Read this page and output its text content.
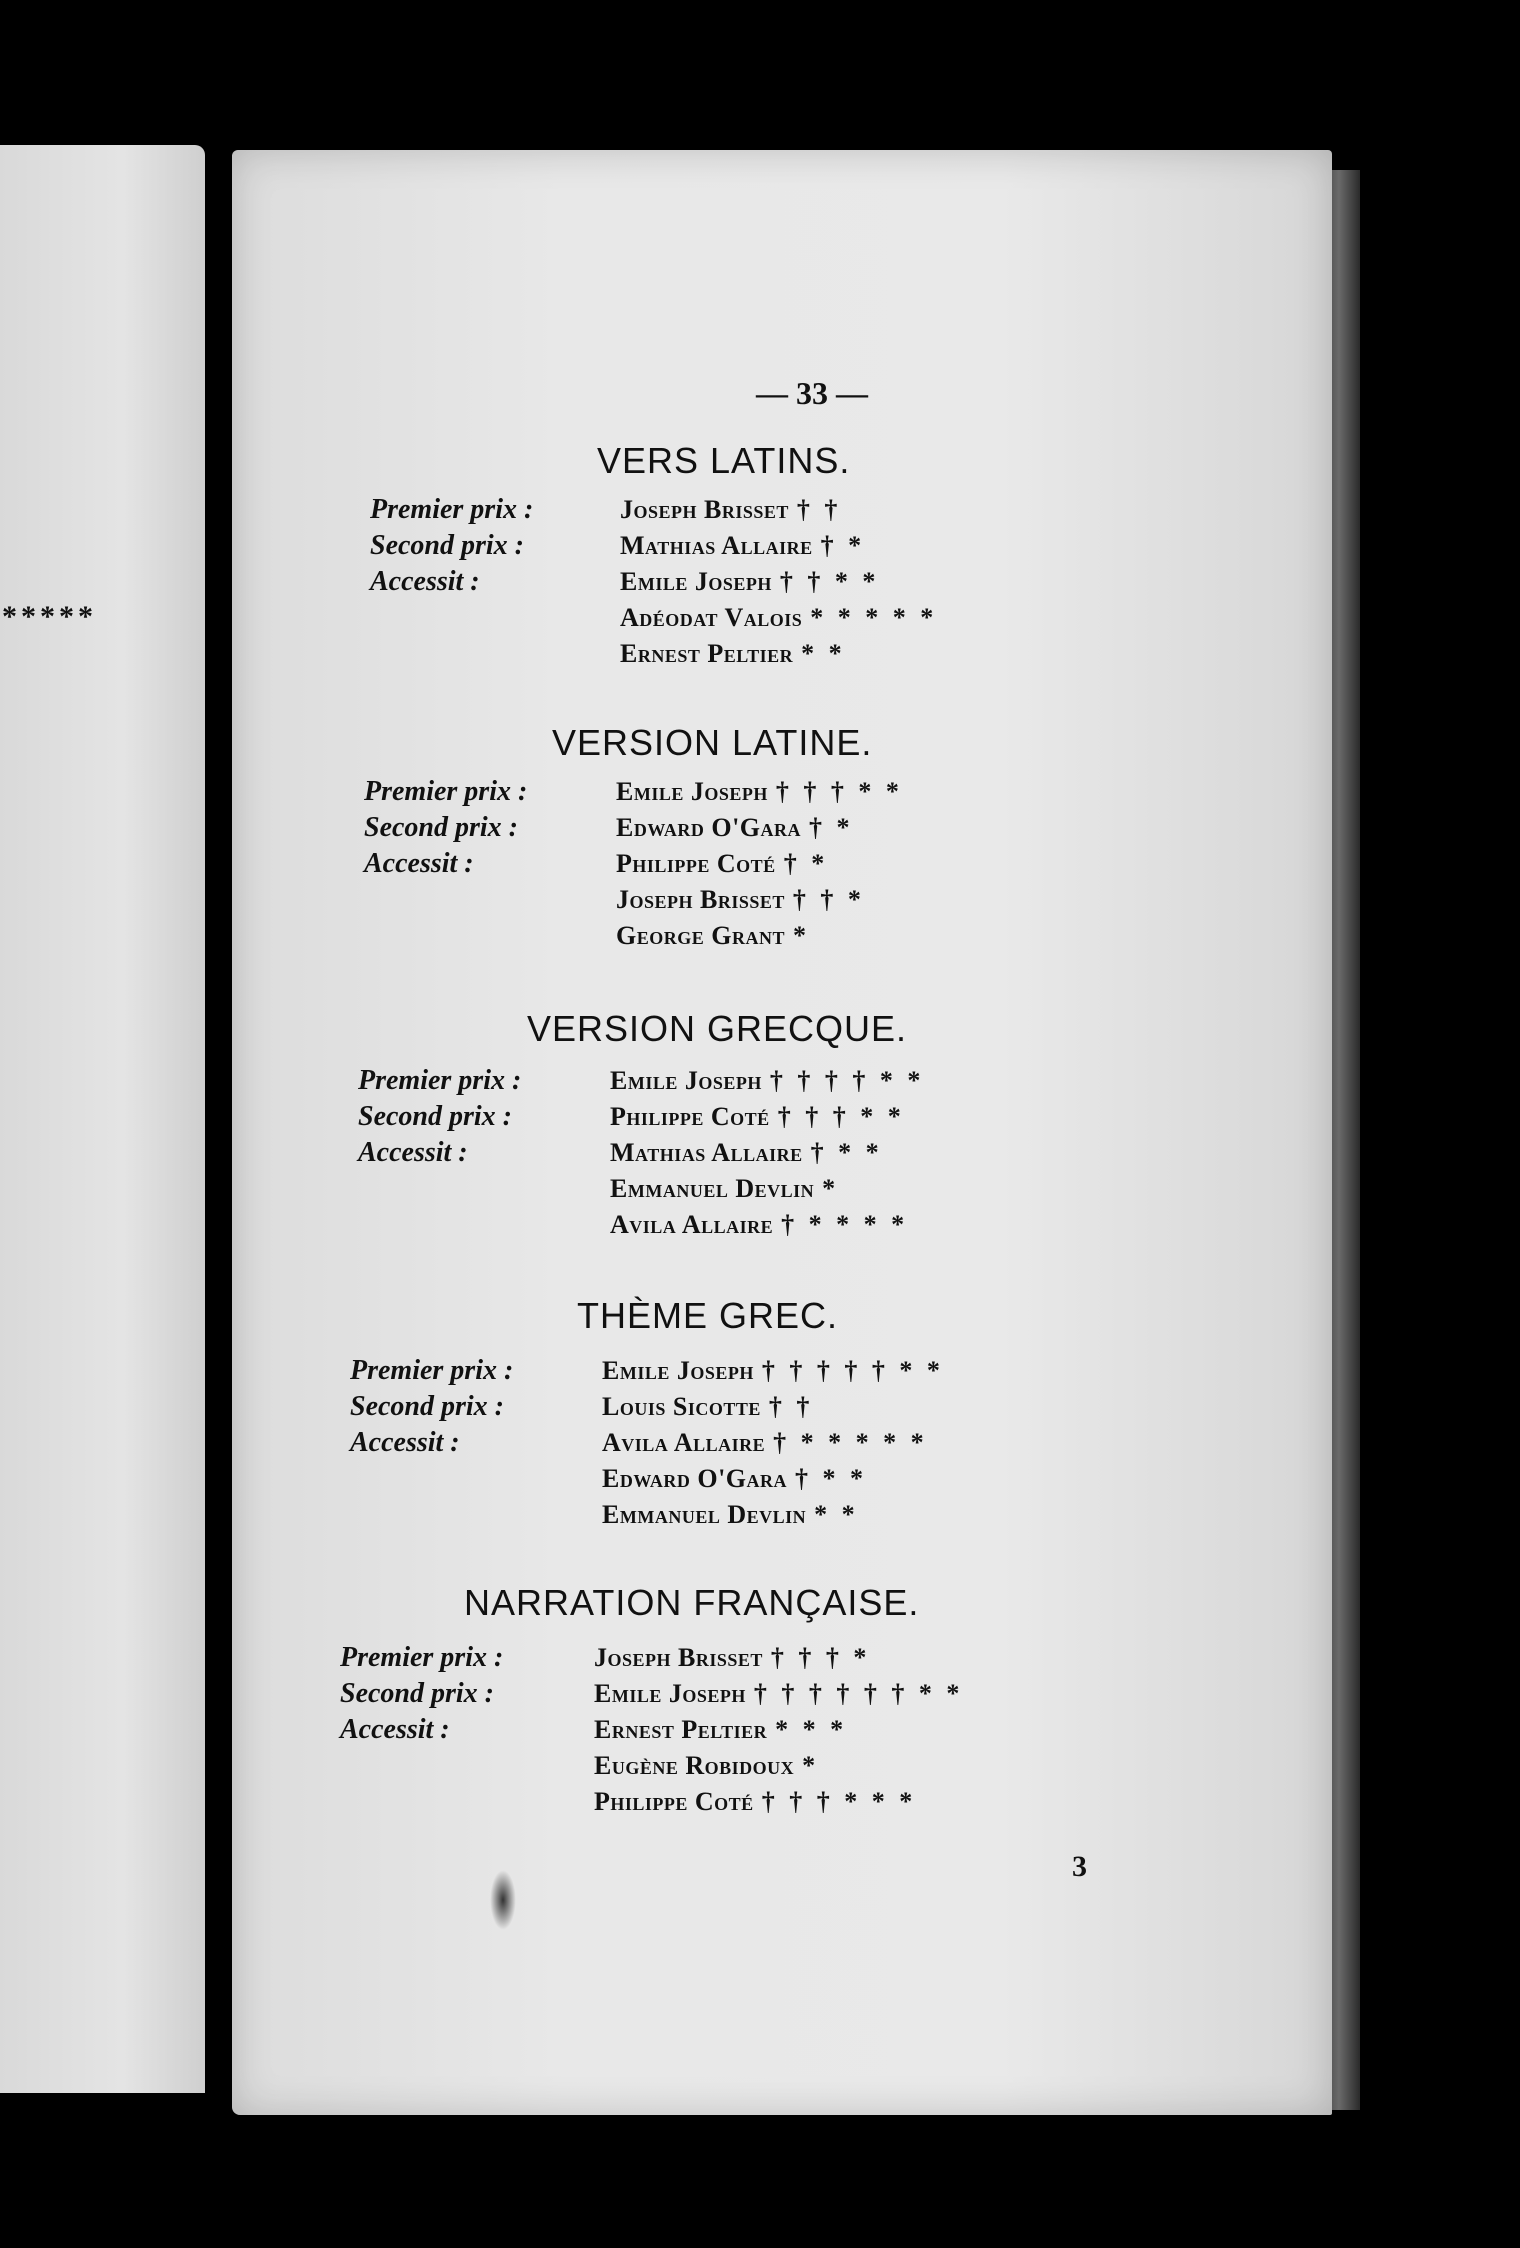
*****
— 33 —
VERS LATINS.
Premier prix :
Second prix :
Accessit :
Joseph Brisset † †
Mathias Allaire † *
Emile Joseph † † * *
Adéodat Valois * * * * *
Ernest Peltier * *
VERSION LATINE.
Premier prix :
Second prix :
Accessit :
Emile Joseph † † † * *
Edward O'Gara † *
Philippe Coté † *
Joseph Brisset † † *
George Grant *
VERSION GRECQUE.
Premier prix :
Second prix :
Accessit :
Emile Joseph † † † † * *
Philippe Coté † † † * *
Mathias Allaire † * *
Emmanuel Devlin *
Avila Allaire † * * * *
THÈME GREC.
Premier prix :
Second prix :
Accessit :
Emile Joseph † † † † † * *
Louis Sicotte † †
Avila Allaire † * * * * *
Edward O'Gara † * *
Emmanuel Devlin * *
NARRATION FRANÇAISE.
Premier prix :
Second prix :
Accessit :
Joseph Brisset † † † *
Emile Joseph † † † † † † * *
Ernest Peltier * * *
Eugène Robidoux *
Philippe Coté † † † * * *
3
